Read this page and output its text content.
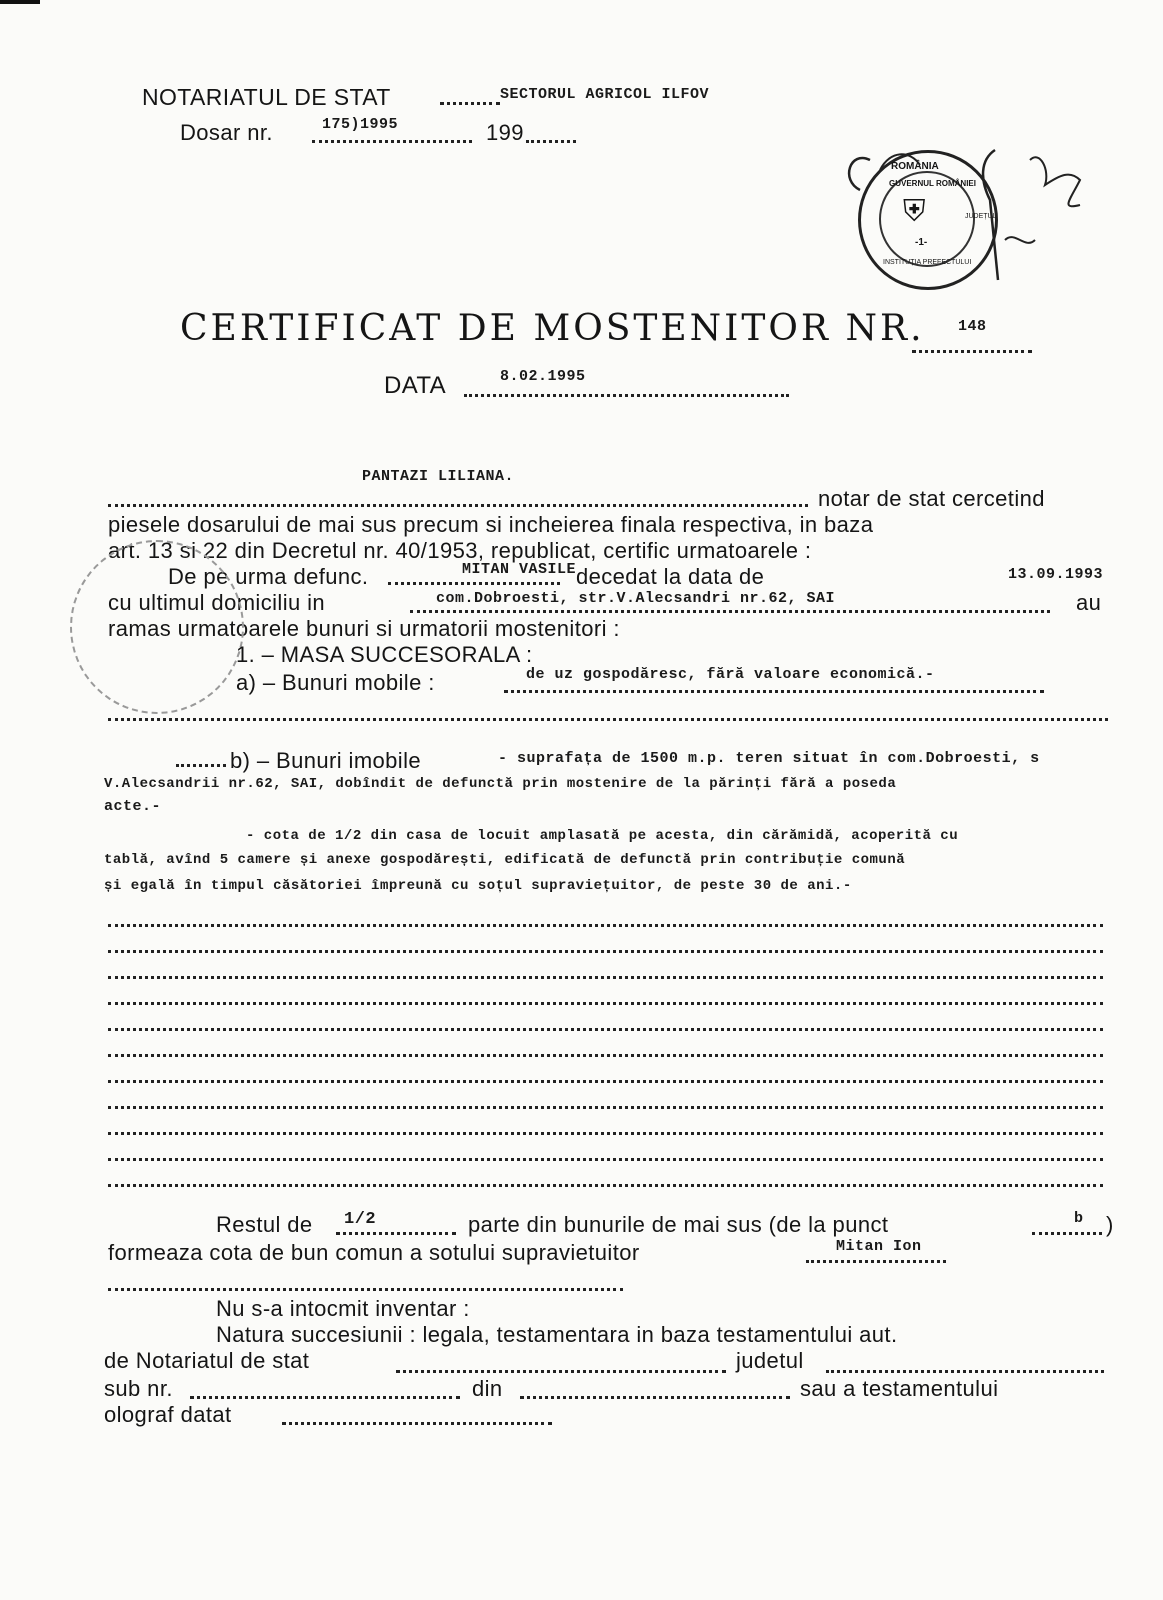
NOTARIATUL DE STAT	SECTORUL AGRICOL ILFOV
Dosar nr.	175)1995	199
ROMÂNIA
GUVERNUL ROMÂNIEI
⛨
-1-
INSTITUȚIA PREFECTULUI
JUDEȚUL
CERTIFICAT DE MOSTENITOR NR. 148
DATA	8.02.1995
PANTAZI LILIANA.
notar de stat cercetind
piesele dosarului de mai sus precum si incheierea finala respectiva, in baza
art. 13 si 22 din Decretul nr. 40/1953, republicat, certific urmatoarele :
De pe urma defunc.	MITAN VASILE decedat la data de	13.09.1993
cu ultimul domiciliu in	com.Dobroesti, str.V.Alecsandri nr.62, SAI	au
ramas urmatoarele bunuri si urmatorii mostenitori :
1. – MASA SUCCESORALA :
a) – Bunuri mobile :	de uz gospodăresc, fără valoare economică.-
b) – Bunuri imobile	- suprafața de 1500 m.p. teren situat în com.Dobroesti, s
V.Alecsandrii nr.62, SAI, dobîndit de defunctă prin mostenire de la părinți fără a poseda
acte.-
- cota de 1/2 din casa de locuit amplasată pe acesta, din cărămidă, acoperită cu
tablă, avînd 5 camere și anexe gospodărești, edificată de defunctă prin contribuție comună
și egală în timpul căsătoriei împreună cu soțul supraviețuitor, de peste 30 de ani.-
Restul de 1/2	parte din bunurile de mai sus (de la punct	b )
formeaza cota de bun comun a sotului supravietuitor	Mitan Ion
Nu s-a intocmit inventar :
Natura succesiunii : legala, testamentara in baza testamentului aut.
de Notariatul de stat	judetul
sub nr.	din	sau a testamentului
olograf datat
